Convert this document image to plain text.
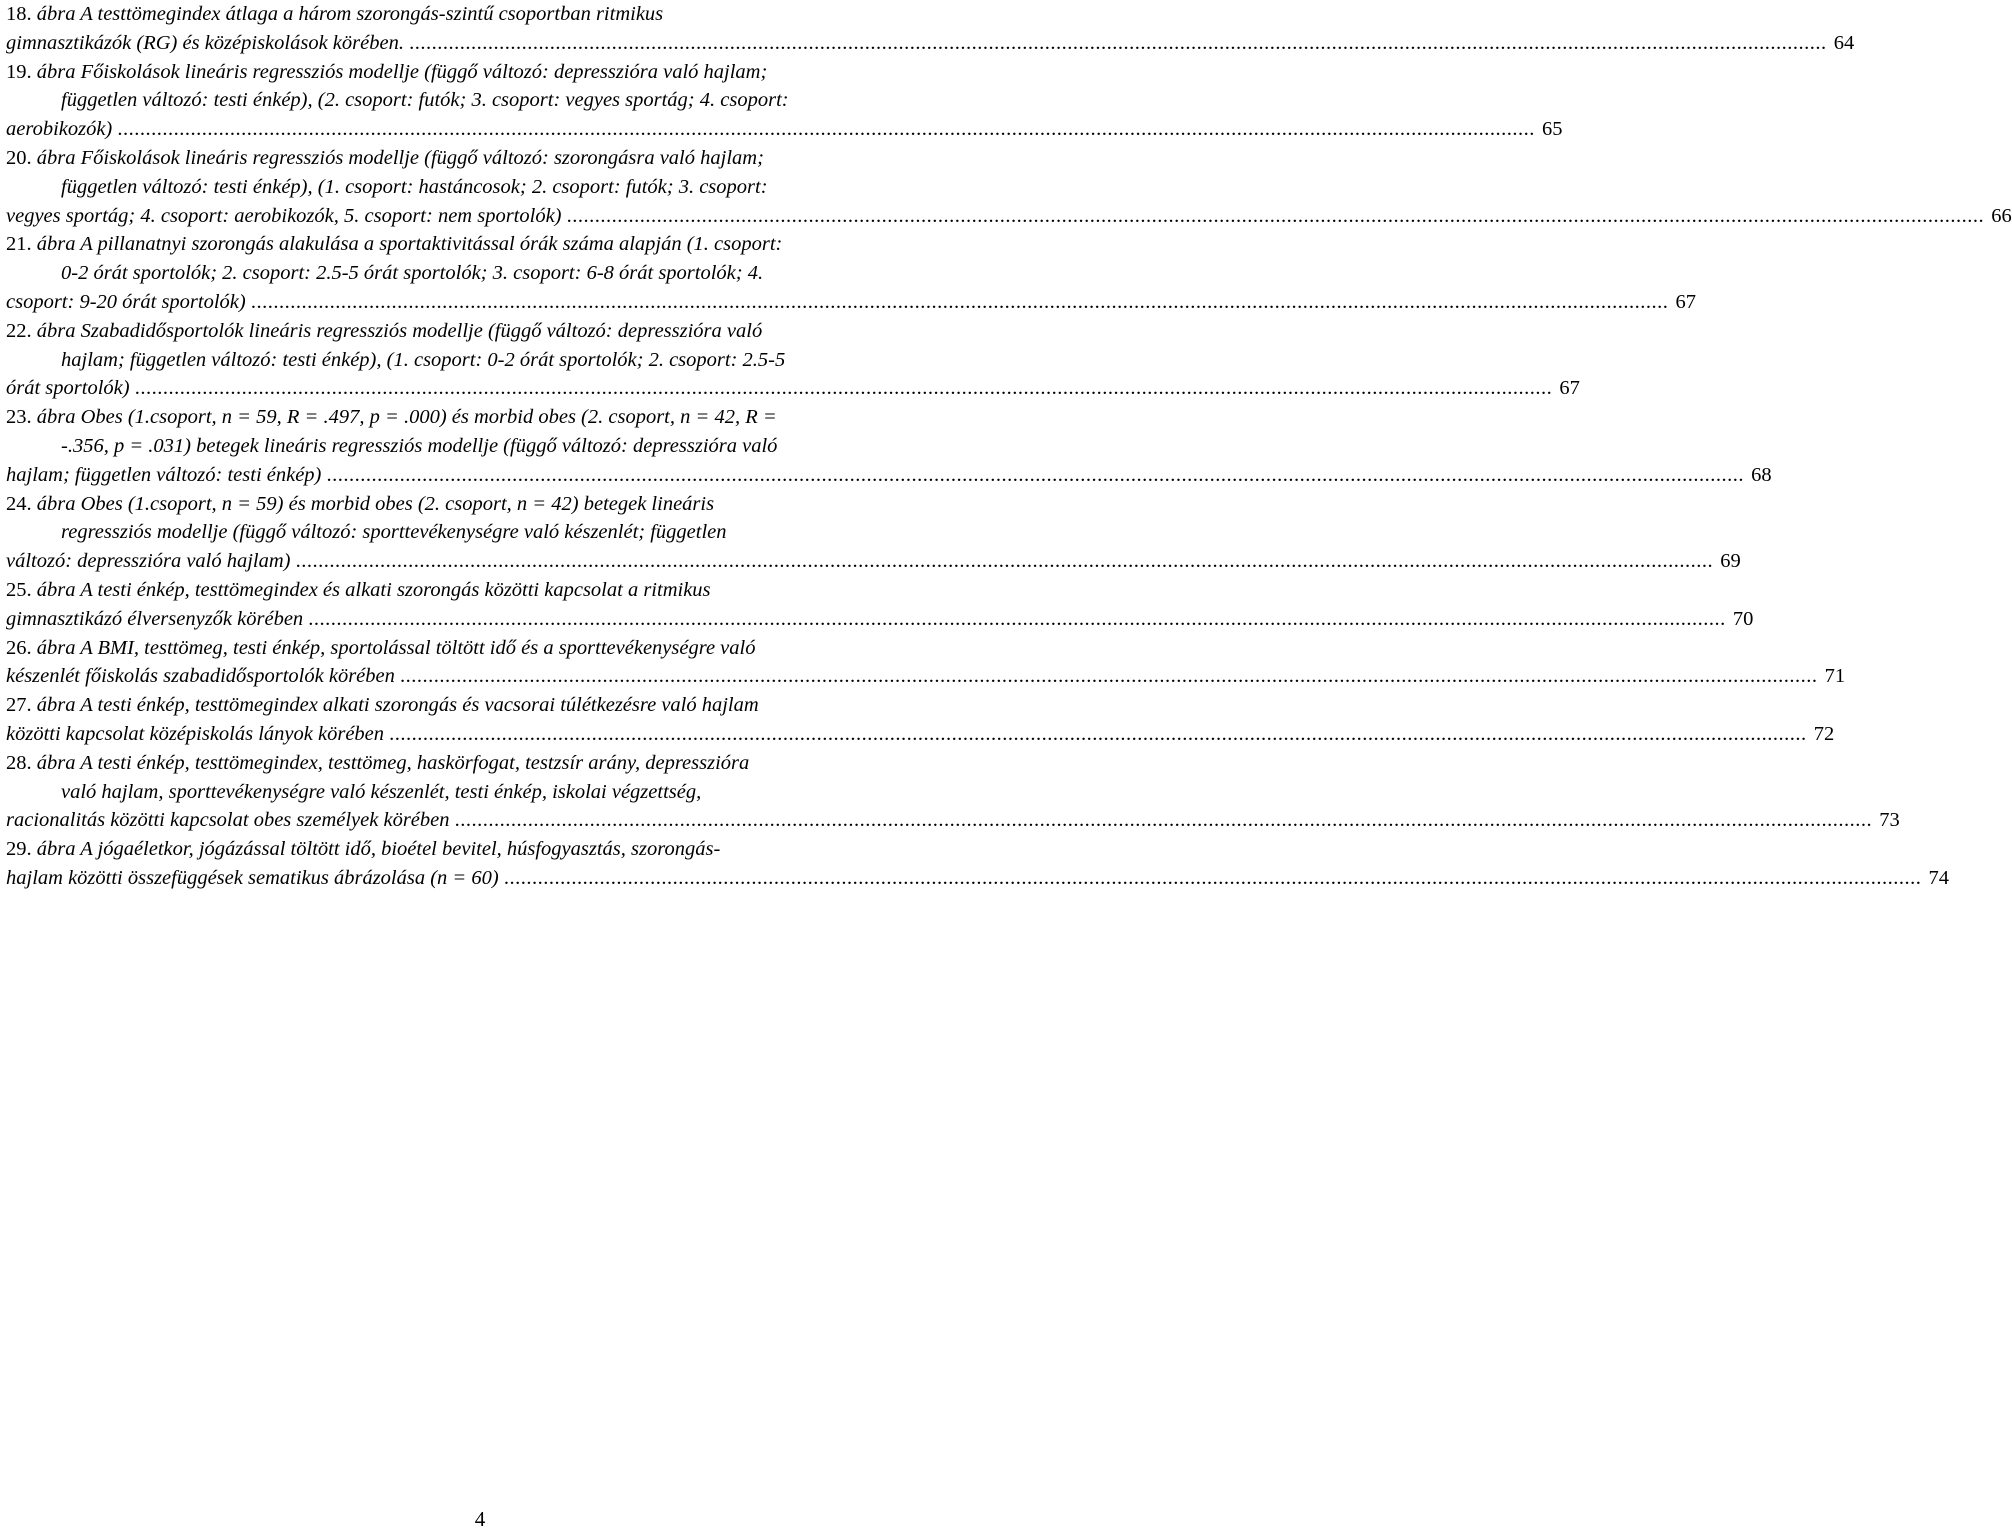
18. ábra A testtömegindex átlaga a három szorongás-szintű csoportban ritmikus

gimnasztikázók (RG) és középiskolások körében. .....	64
19. ábra Főiskolások lineáris regressziós modellje (függő változó: depresszióra való hajlam;
független változó: testi énkép), (2. csoport: futók; 3. csoport: vegyes sportág; 4. csoport:

aerobikozók) .....	65
20. ábra Főiskolások lineáris regressziós modellje (függő változó: szorongásra való hajlam;
független változó: testi énkép), (1. csoport: hastáncosok; 2. csoport: futók; 3. csoport:

vegyes sportág; 4. csoport: aerobikozók, 5. csoport: nem sportolók) .....	66
21. ábra A pillanatnyi szorongás alakulása a sportaktivitással órák száma alapján (1. csoport:
0-2 órát sportolók; 2. csoport: 2.5-5 órát sportolók; 3. csoport: 6-8 órát sportolók; 4.

csoport: 9-20 órát sportolók) .....	67
22. ábra Szabadidősportolók lineáris regressziós modellje (függő változó: depresszióra való
hajlam; független változó: testi énkép), (1. csoport: 0-2 órát sportolók; 2. csoport: 2.5-5

órát sportolók) .....	67
23. ábra Obes (1.csoport, n = 59, R = .497, p = .000) és morbid obes (2. csoport, n = 42, R =
-.356, p = .031) betegek lineáris regressziós modellje (függő változó: depresszióra való

hajlam; független változó: testi énkép) .....	68
24. ábra Obes (1.csoport, n = 59) és morbid obes (2. csoport, n = 42) betegek lineáris
regressziós modellje (függő változó: sporttevékenységre való készenlét; független

változó: depresszióra való hajlam) .....	69
25. ábra A testi énkép, testtömegindex és alkati szorongás közötti kapcsolat a ritmikus

gimnasztikázó élversenyzők körében .....	70
26. ábra A BMI, testtömeg, testi énkép, sportolással töltött idő és a sporttevékenységre való

készenlét főiskolás szabadidősportolók körében .....	71
27. ábra A testi énkép, testtömegindex alkati szorongás és vacsorai túlétkezésre való hajlam

közötti kapcsolat középiskolás lányok körében .....	72
28. ábra A testi énkép, testtömegindex, testtömeg, haskörfogat, testzsír arány, depresszióra
való hajlam, sporttevékenységre való készenlét, testi énkép, iskolai végzettség,

racionalitás közötti kapcsolat obes személyek körében .....	73
29. ábra A jógaéletkor, jógázással töltött idő, bioétel bevitel, húsfogyasztás, szorongás-

hajlam közötti összefüggések sematikus ábrázolása (n = 60) .....	74
4
